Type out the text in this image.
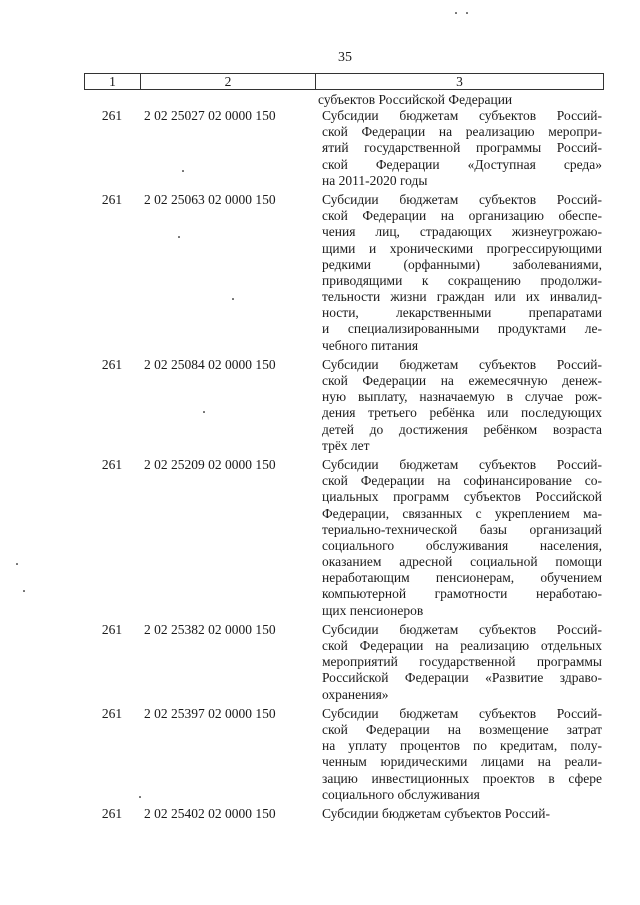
35
1	2	3
субъектов Российской Федерации
261	2 02 25027 02 0000 150	Субсидии бюджетам субъектов Россий-
ской Федерации на реализацию меропри-
ятий государственной программы Россий-
ской Федерации «Доступная среда»
на 2011-2020 годы
261	2 02 25063 02 0000 150	Субсидии бюджетам субъектов Россий-
ской Федерации на организацию обеспе-
чения лиц, страдающих жизнеугрожаю-
щими и хроническими прогрессирующими
редкими (орфанными) заболеваниями,
приводящими к сокращению продолжи-
тельности жизни граждан или их инвалид-
ности, лекарственными препаратами
и специализированными продуктами ле-
чебного питания
261	2 02 25084 02 0000 150	Субсидии бюджетам субъектов Россий-
ской Федерации на ежемесячную денеж-
ную выплату, назначаемую в случае рож-
дения третьего ребёнка или последующих
детей до достижения ребёнком возраста
трёх лет
261	2 02 25209 02 0000 150	Субсидии бюджетам субъектов Россий-
ской Федерации на софинансирование со-
циальных программ субъектов Российской
Федерации, связанных с укреплением ма-
териально-технической базы организаций
социального обслуживания населения,
оказанием адресной социальной помощи
неработающим пенсионерам, обучением
компьютерной грамотности неработаю-
щих пенсионеров
261	2 02 25382 02 0000 150	Субсидии бюджетам субъектов Россий-
ской Федерации на реализацию отдельных
мероприятий государственной программы
Российской Федерации «Развитие здраво-
охранения»
261	2 02 25397 02 0000 150	Субсидии бюджетам субъектов Россий-
ской Федерации на возмещение затрат
на уплату процентов по кредитам, полу-
ченным юридическими лицами на реали-
зацию инвестиционных проектов в сфере
социального обслуживания
261	2 02 25402 02 0000 150	Субсидии бюджетам субъектов Россий-
